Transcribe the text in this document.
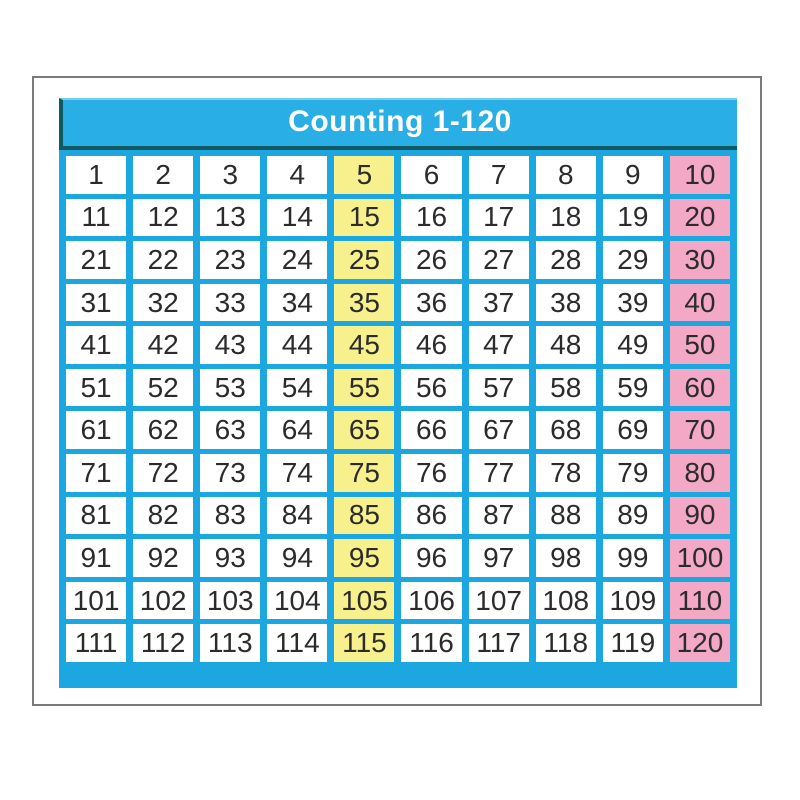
Counting 1-120
1	2	3	4	5	6	7	8	9	10
11	12	13	14	15	16	17	18	19	20
21	22	23	24	25	26	27	28	29	30
31	32	33	34	35	36	37	38	39	40
41	42	43	44	45	46	47	48	49	50
51	52	53	54	55	56	57	58	59	60
61	62	63	64	65	66	67	68	69	70
71	72	73	74	75	76	77	78	79	80
81	82	83	84	85	86	87	88	89	90
91	92	93	94	95	96	97	98	99	100
101 102 103 104 105 106 107 108 109 110
111 112 113 114 115 116 117 118 119 120
